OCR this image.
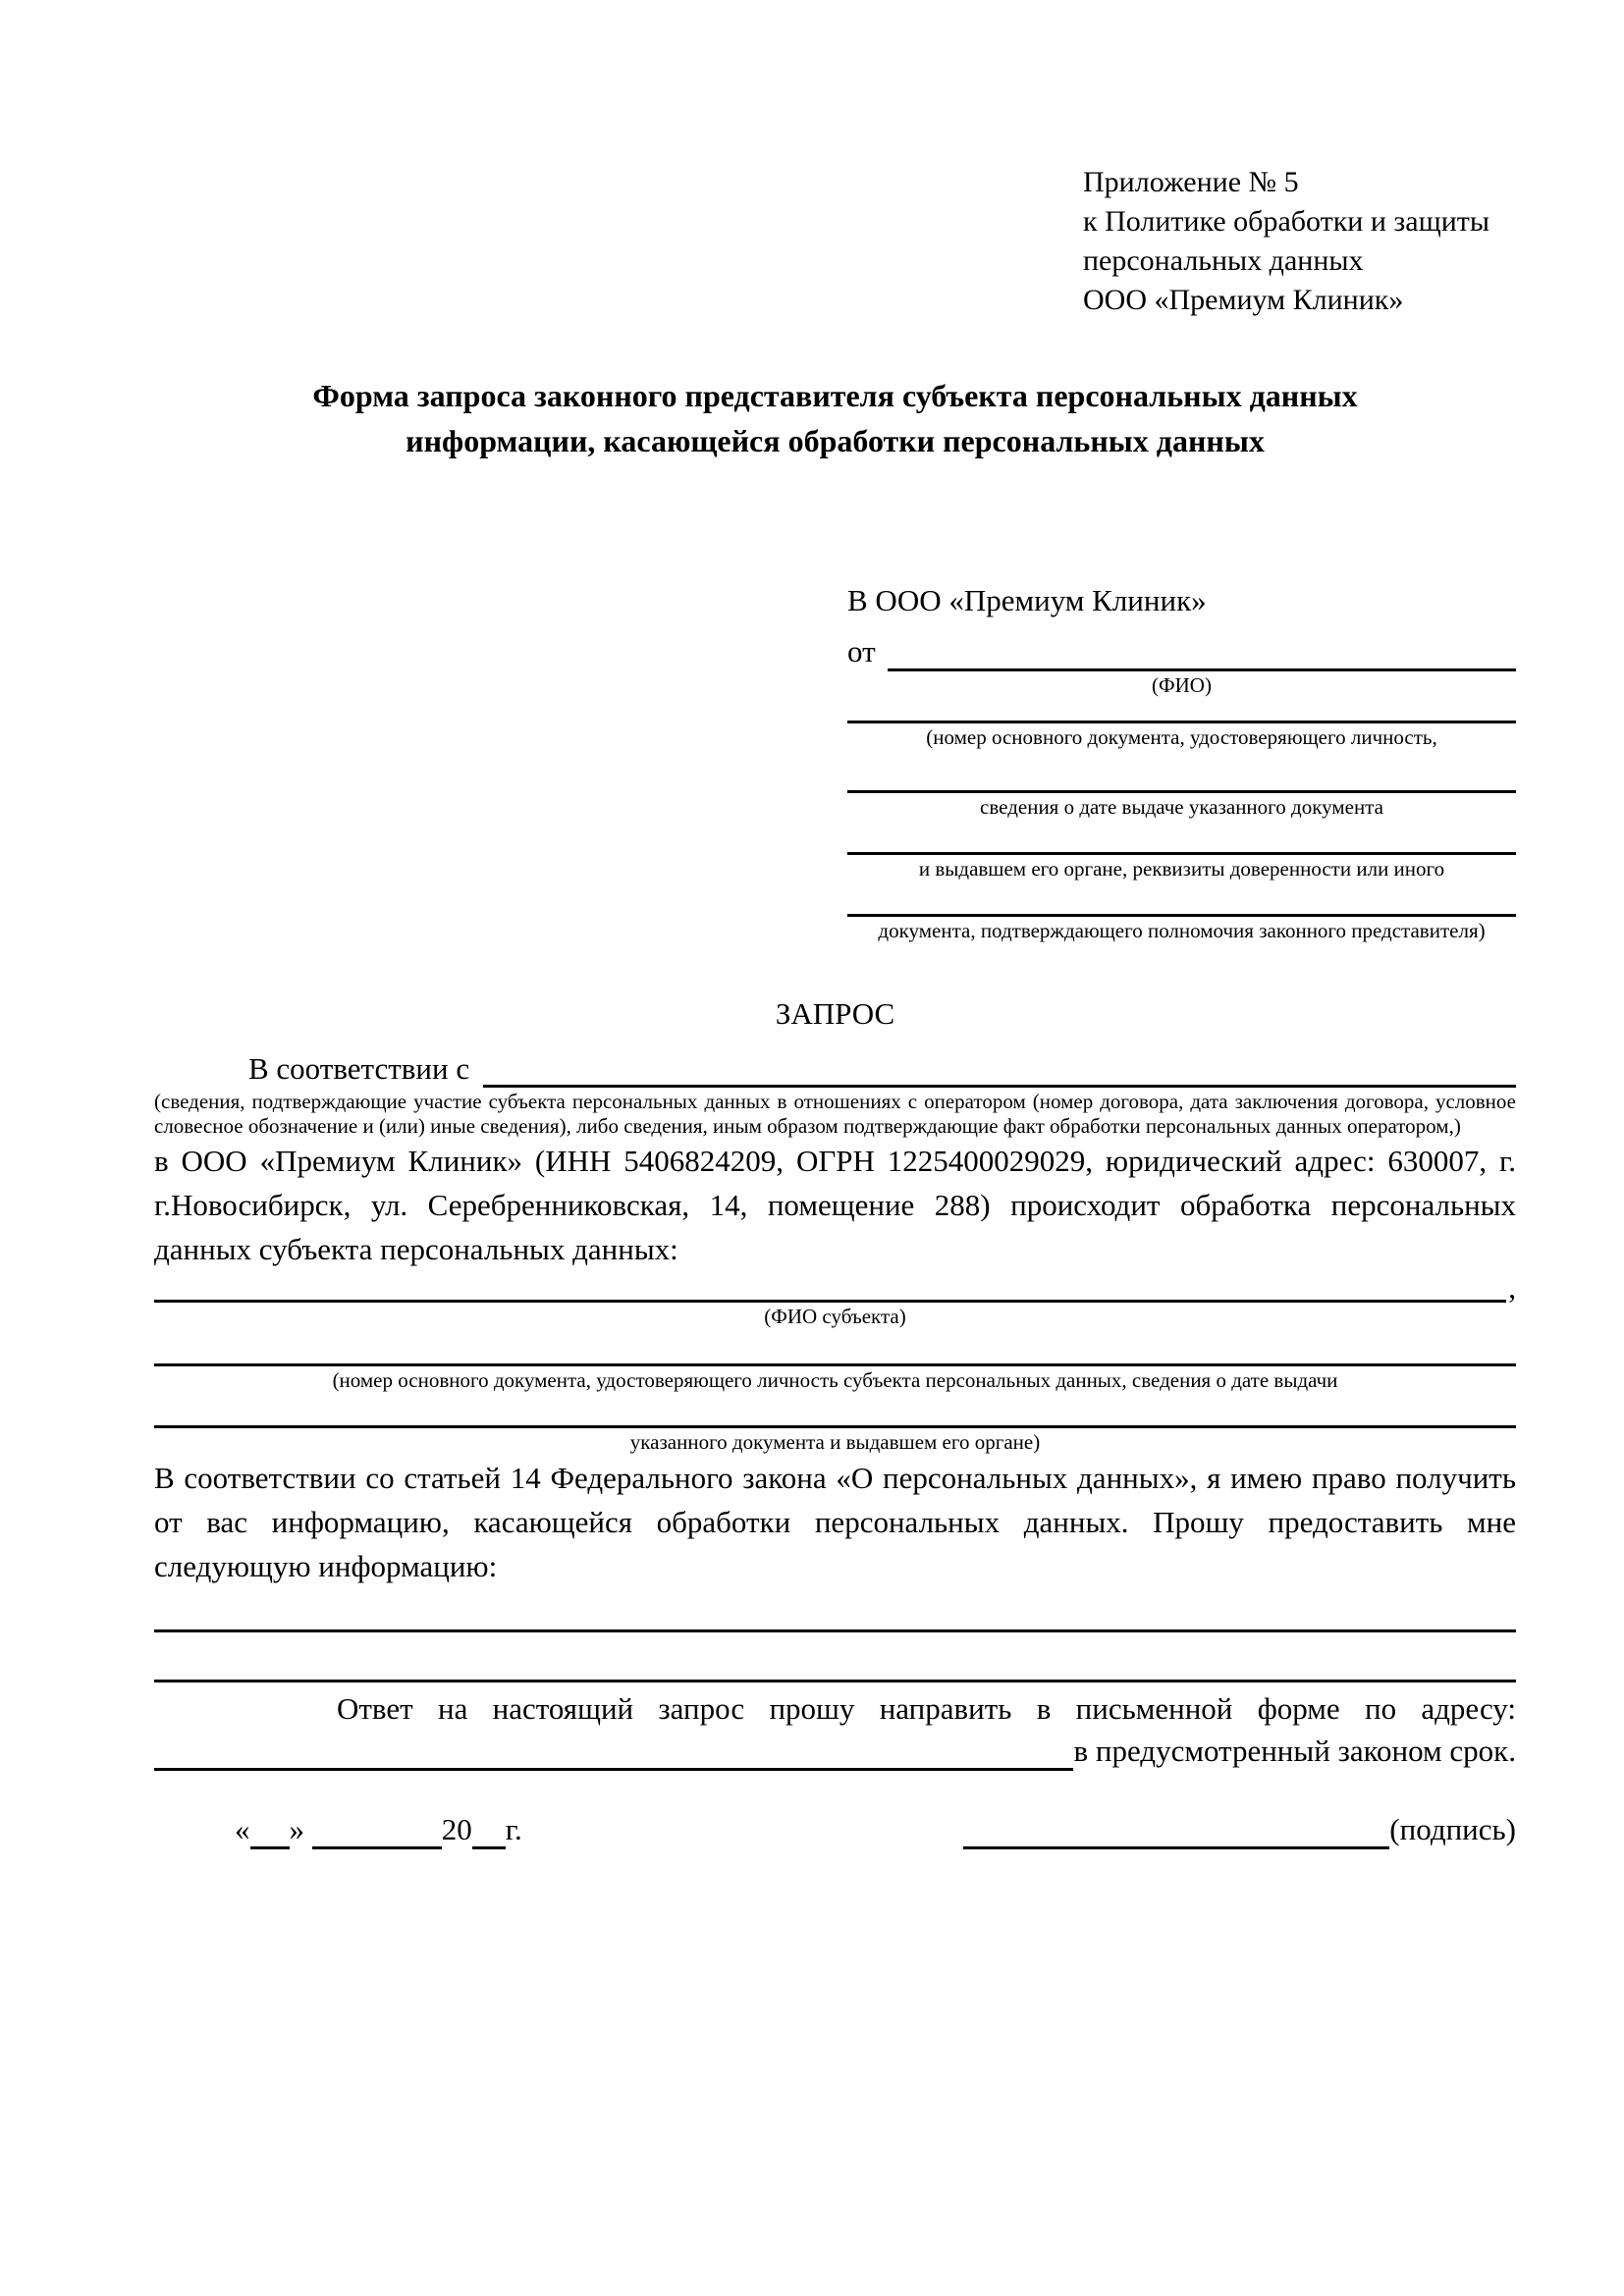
Приложение № 5
к Политике обработки и защиты
персональных данных
ООО «Премиум Клиник»
Форма запроса законного представителя субъекта персональных данных
информации, касающейся обработки персональных данных
В ООО «Премиум Клиник»
от
(ФИО)
(номер основного документа, удостоверяющего личность,
сведения о дате выдаче указанного документа
и выдавшем его органе, реквизиты доверенности или иного
документа, подтверждающего полномочия законного представителя)
ЗАПРОС
В соответствии с
(сведения, подтверждающие участие субъекта персональных данных в отношениях с оператором (номер договора, дата заключения договора, условное словесное обозначение и (или) иные сведения), либо сведения, иным образом подтверждающие факт обработки персональных данных оператором,)
в ООО «Премиум Клиник» (ИНН 5406824209, ОГРН 1225400029029, юридический адрес: 630007, г. г.Новосибирск, ул. Серебренниковская, 14, помещение 288) происходит обработка персональных данных субъекта персональных данных:
,
(ФИО субъекта)
(номер основного документа, удостоверяющего личность субъекта персональных данных, сведения о дате выдачи
указанного документа и выдавшем его органе)
В соответствии со статьей 14 Федерального закона «О персональных данных», я имею право получить от вас информацию, касающейся обработки персональных данных. Прошу предоставить мне следующую информацию:
Ответ на настоящий запрос прошу направить в письменной форме по адресу:
в предусмотренный законом срок.
« »	20 г.	(подпись)
